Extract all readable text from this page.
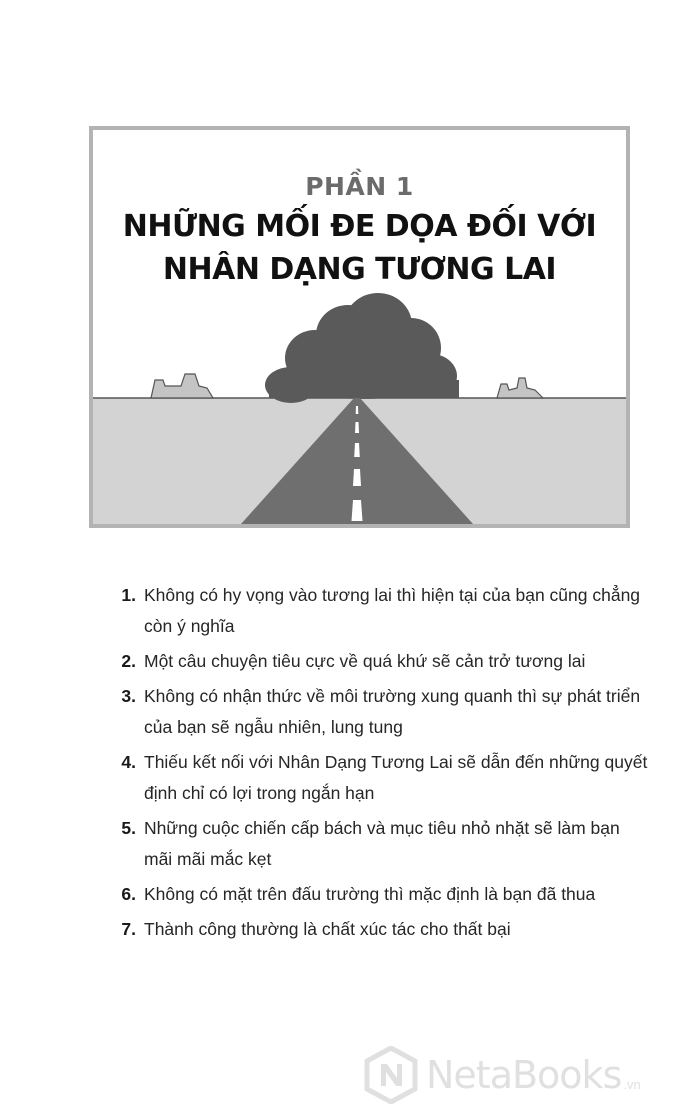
PHẦN 1
NHỮNG MỐI ĐE DỌA ĐỐI VỚI
NHÂN DẠNG TƯƠNG LAI
1. Không có hy vọng vào tương lai thì hiện tại của bạn cũng chẳng còn ý nghĩa
2. Một câu chuyện tiêu cực về quá khứ sẽ cản trở tương lai
3. Không có nhận thức về môi trường xung quanh thì sự phát triển của bạn sẽ ngẫu nhiên, lung tung
4. Thiếu kết nối với Nhân Dạng Tương Lai sẽ dẫn đến những quyết định chỉ có lợi trong ngắn hạn
5. Những cuộc chiến cấp bách và mục tiêu nhỏ nhặt sẽ làm bạn mãi mãi mắc kẹt
6. Không có mặt trên đấu trường thì mặc định là bạn đã thua
7. Thành công thường là chất xúc tác cho thất bại
NetaBooks .vn
